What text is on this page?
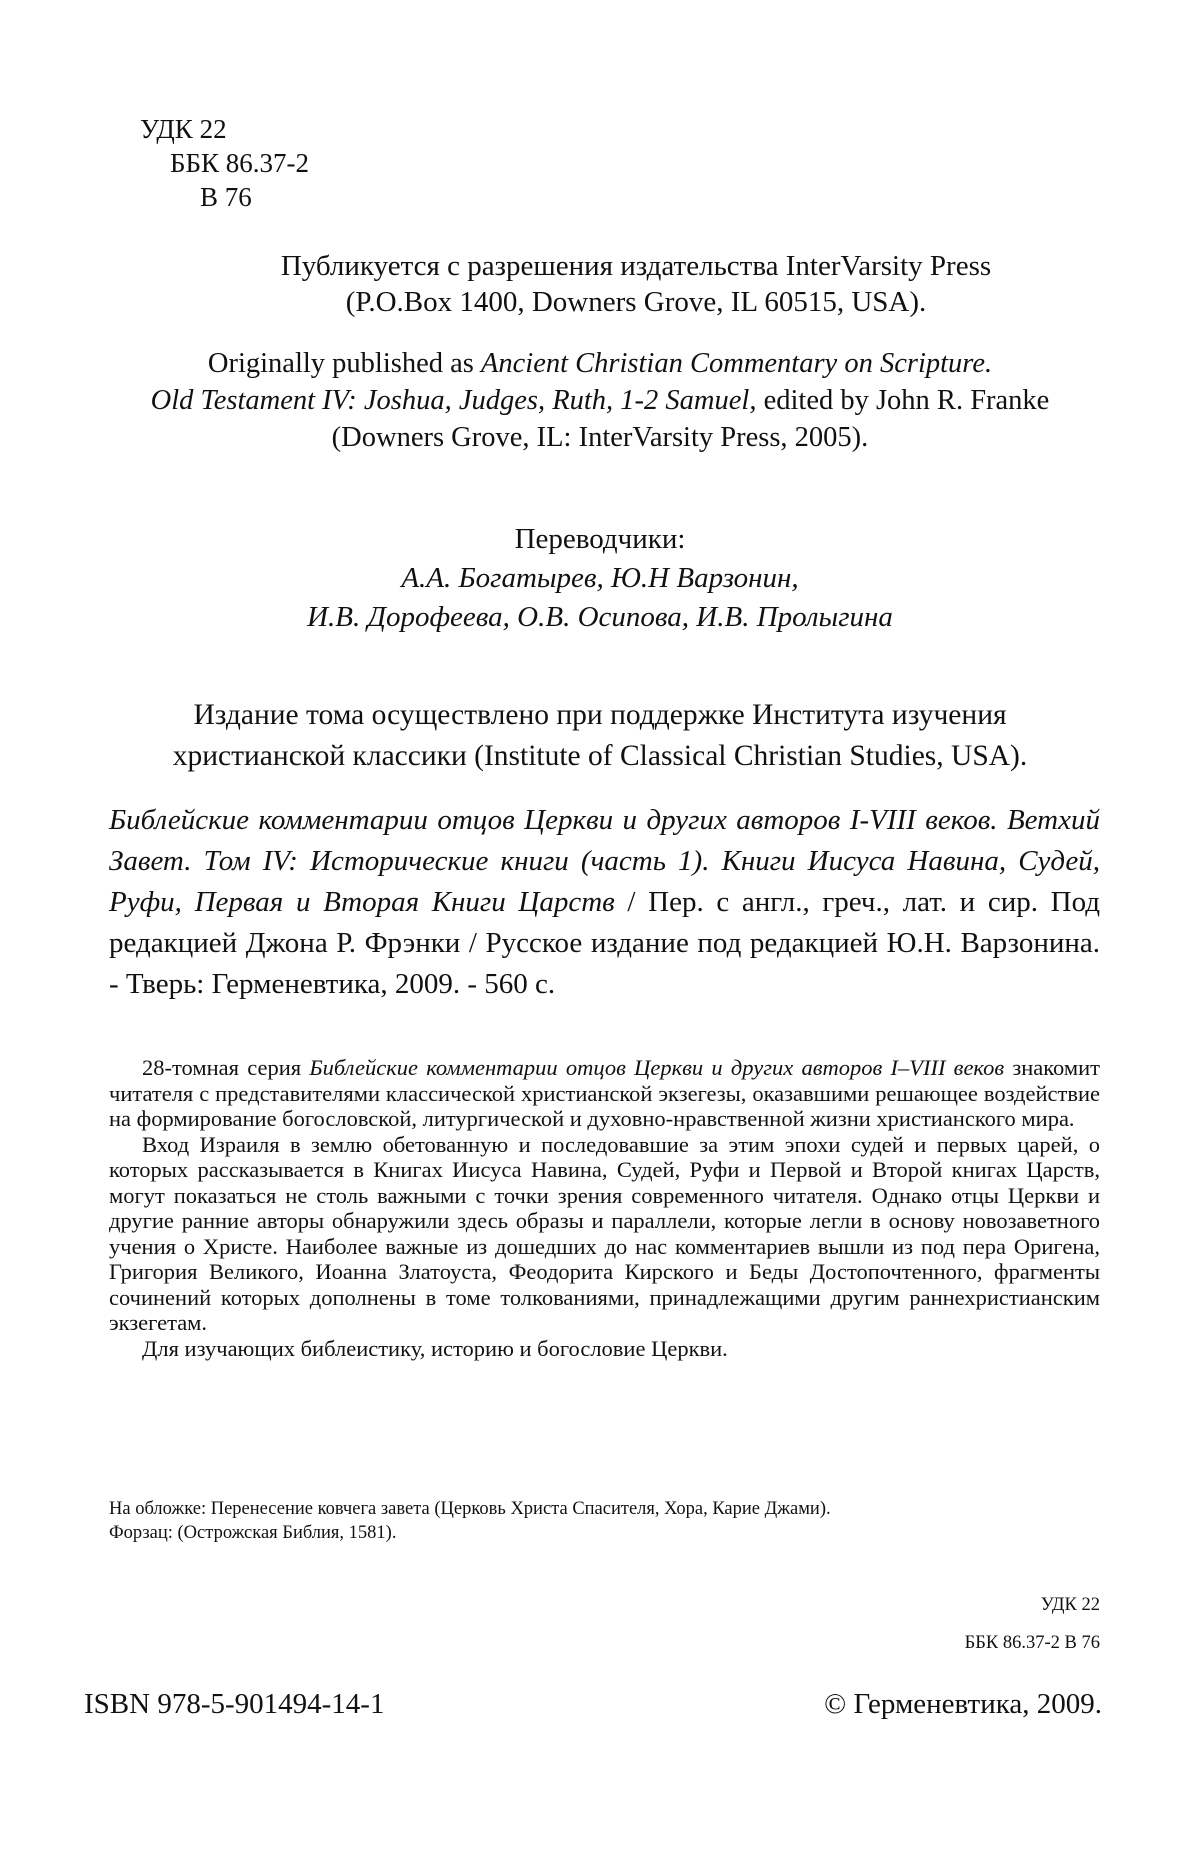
УДК 22
ББК 86.37-2
В 76
Публикуется с разрешения издательства InterVarsity Press
(P.O.Box 1400, Downers Grove, IL 60515, USA).
Originally published as Ancient Christian Commentary on Scripture.
Old Testament IV: Joshua, Judges, Ruth, 1-2 Samuel, edited by John R. Franke
(Downers Grove, IL: InterVarsity Press, 2005).
Переводчики:
А.А. Богатырев, Ю.Н Варзонин,
И.В. Дорофеева, О.В. Осипова, И.В. Пролыгина
Издание тома осуществлено при поддержке Института изучения
христианской классики (Institute of Classical Christian Studies, USA).
Библейские комментарии отцов Церкви и других авторов I-VIII веков. Ветхий Завет. Том IV: Исторические книги (часть 1). Книги Иисуса Навина, Судей, Руфи, Первая и Вторая Книги Царств / Пер. с англ., греч., лат. и сир. Под редакцией Джона Р. Фрэнки / Русское издание под редакцией Ю.Н. Варзонина. - Тверь: Герменевтика, 2009. - 560 с.

28-томная серия Библейские комментарии отцов Церкви и других авторов I–VIII веков знакомит читателя с представителями классической христианской экзегезы, оказавшими решающее воздействие на формирование богословской, литургической и духовно-нравственной жизни христианского мира.

Вход Израиля в землю обетованную и последовавшие за этим эпохи судей и первых царей, о которых рассказывается в Книгах Иисуса Навина, Судей, Руфи и Первой и Второй книгах Царств, могут показаться не столь важными с точки зрения современного читателя. Однако отцы Церкви и другие ранние авторы обнаружили здесь образы и параллели, которые легли в основу новозаветного учения о Христе. Наиболее важные из дошедших до нас комментариев вышли из под пера Оригена, Григория Великого, Иоанна Златоуста, Феодорита Кирского и Беды Достопочтенного, фрагменты сочинений которых дополнены в томе толкованиями, принадлежащими другим раннехристианским экзегетам.

Для изучающих библеистику, историю и богословие Церкви.

На обложке: Перенесение ковчега завета (Церковь Христа Спасителя, Хора, Карие Джами).
Форзац: (Острожская Библия, 1581).
УДК 22
ББК 86.37-2 В 76
ISBN 978-5-901494-14-1	© Герменевтика, 2009.
